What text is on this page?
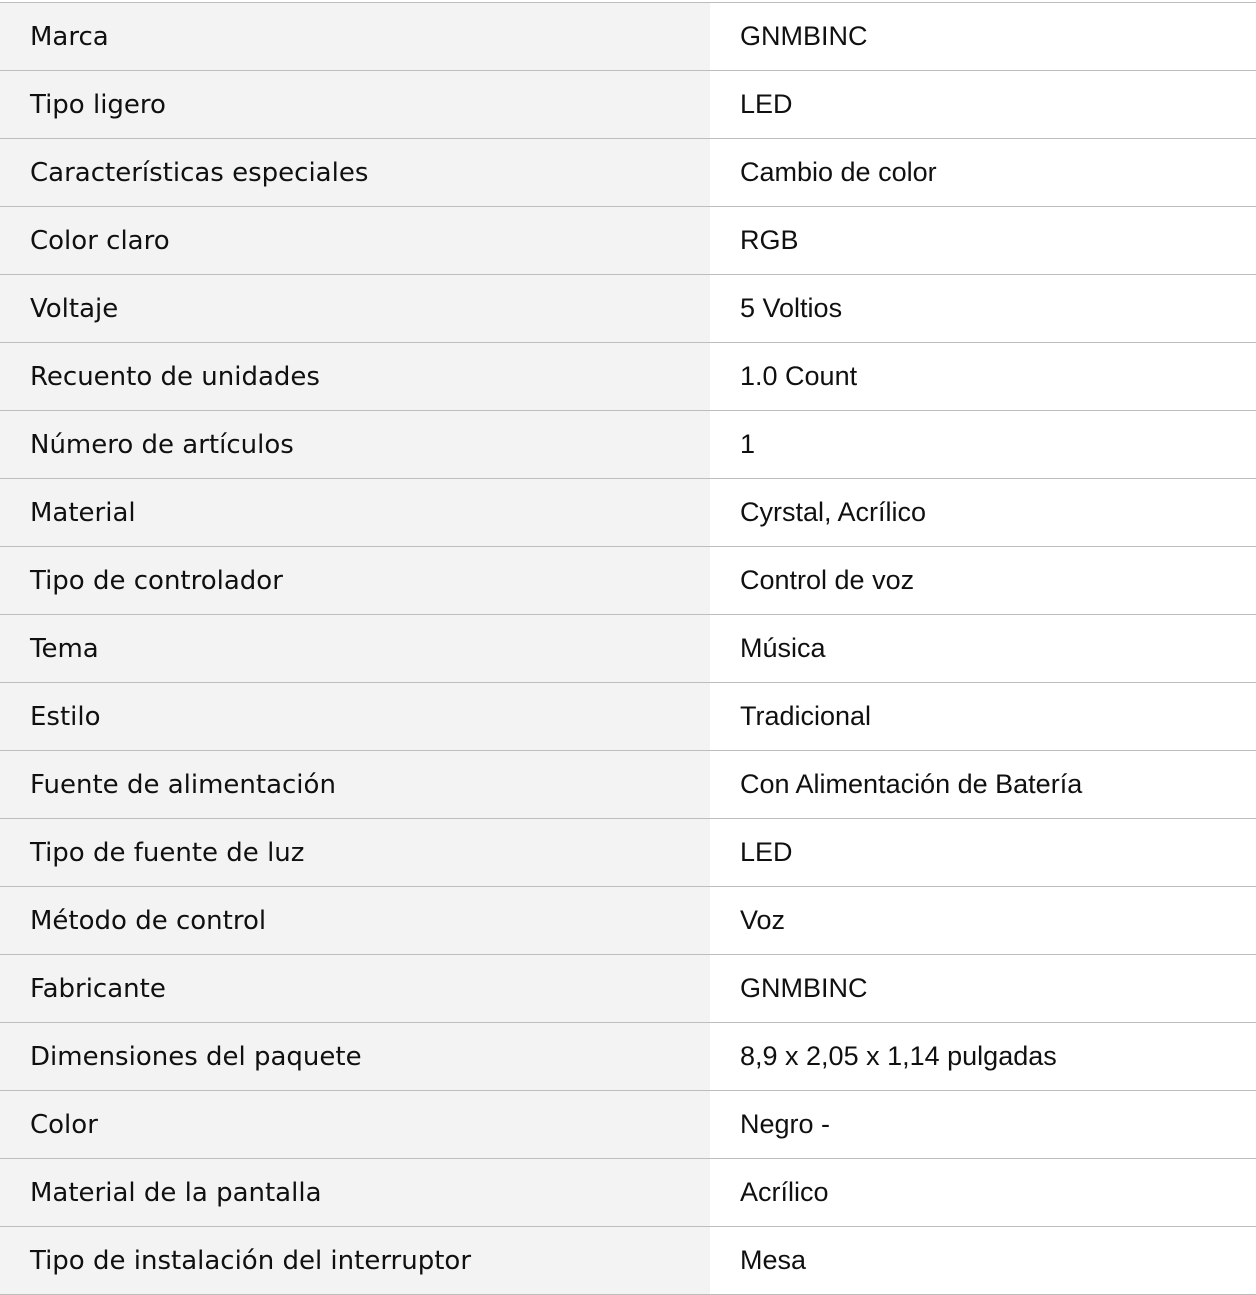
Marca	GNMBINC
Tipo ligero	LED
Características especiales	Cambio de color
Color claro	RGB
Voltaje	5 Voltios
Recuento de unidades	1.0 Count
Número de artículos	1
Material	Cyrstal, Acrílico
Tipo de controlador	Control de voz
Tema	Música
Estilo	Tradicional
Fuente de alimentación	Con Alimentación de Batería
Tipo de fuente de luz	LED
Método de control	Voz
Fabricante	GNMBINC
Dimensiones del paquete	8,9 x 2,05 x 1,14 pulgadas
Color	Negro -
Material de la pantalla	Acrílico
Tipo de instalación del interruptor	Mesa
